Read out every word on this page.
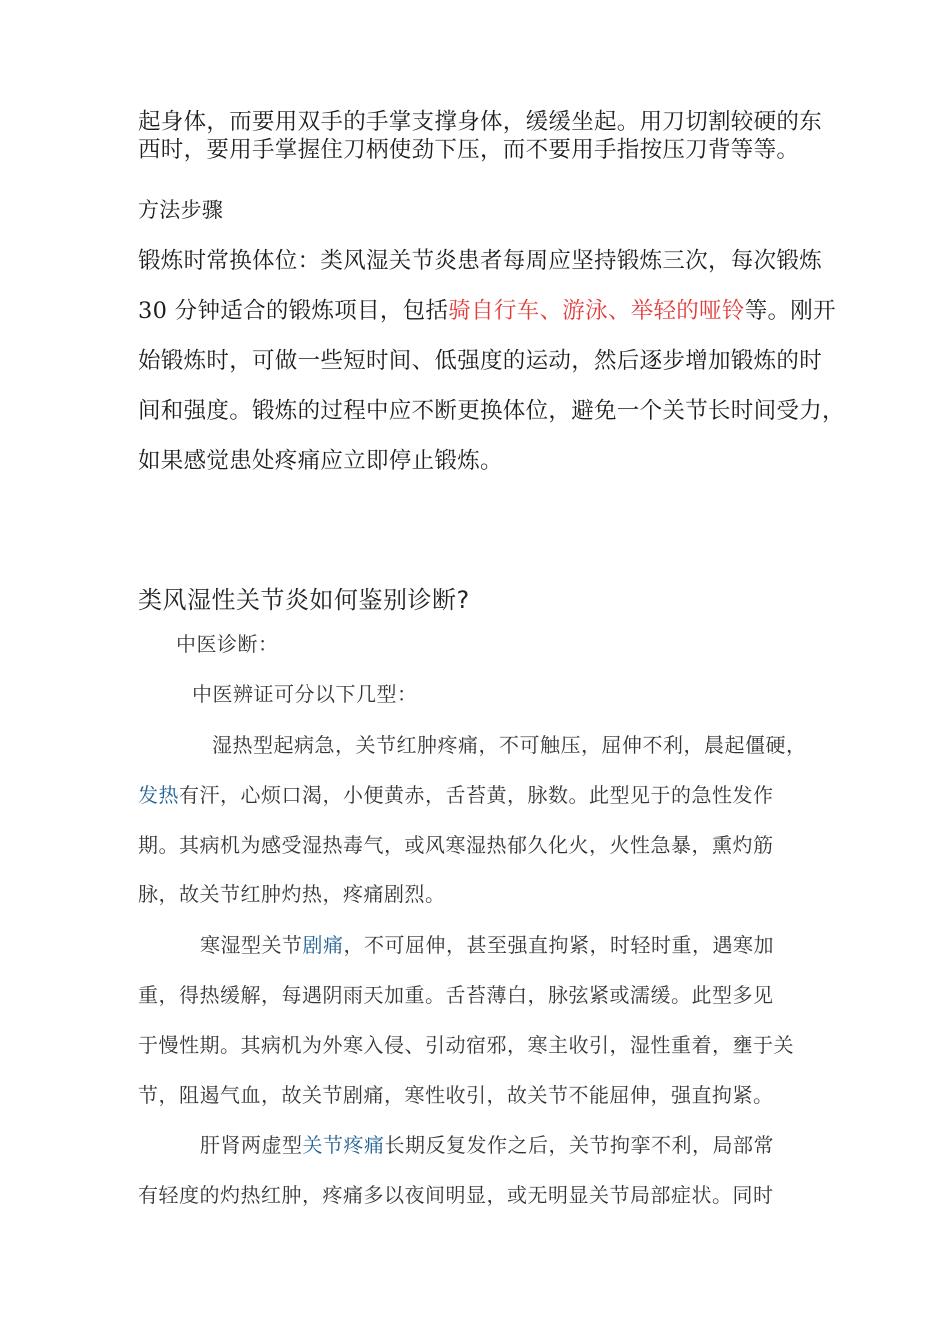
起身体，而要用双手的手掌支撑身体，缓缓坐起。用刀切割较硬的东
西时，要用手掌握住刀柄使劲下压，而不要用手指按压刀背等等。
方法步骤
锻炼时常换体位：类风湿关节炎患者每周应坚持锻炼三次，每次锻炼
30 分钟适合的锻炼项目，包括骑自行车、游泳、举轻的哑铃等。刚开
始锻炼时，可做一些短时间、低强度的运动，然后逐步增加锻炼的时
间和强度。锻炼的过程中应不断更换体位，避免一个关节长时间受力，
如果感觉患处疼痛应立即停止锻炼。
类风湿性关节炎如何鉴别诊断?
中医诊断：
中医辨证可分以下几型：
湿热型起病急，关节红肿疼痛，不可触压，屈伸不利，晨起僵硬，
发热有汗，心烦口渴，小便黄赤，舌苔黄，脉数。此型见于的急性发作
期。其病机为感受湿热毒气，或风寒湿热郁久化火，火性急暴，熏灼筋
脉，故关节红肿灼热，疼痛剧烈。
寒湿型关节剧痛，不可屈伸，甚至强直拘紧，时轻时重，遇寒加
重，得热缓解，每遇阴雨天加重。舌苔薄白，脉弦紧或濡缓。此型多见
于慢性期。其病机为外寒入侵、引动宿邪，寒主收引，湿性重着，壅于关
节，阻遏气血，故关节剧痛，寒性收引，故关节不能屈伸，强直拘紧。
肝肾两虚型关节疼痛长期反复发作之后，关节拘挛不利，局部常
有轻度的灼热红肿，疼痛多以夜间明显，或无明显关节局部症状。同时
